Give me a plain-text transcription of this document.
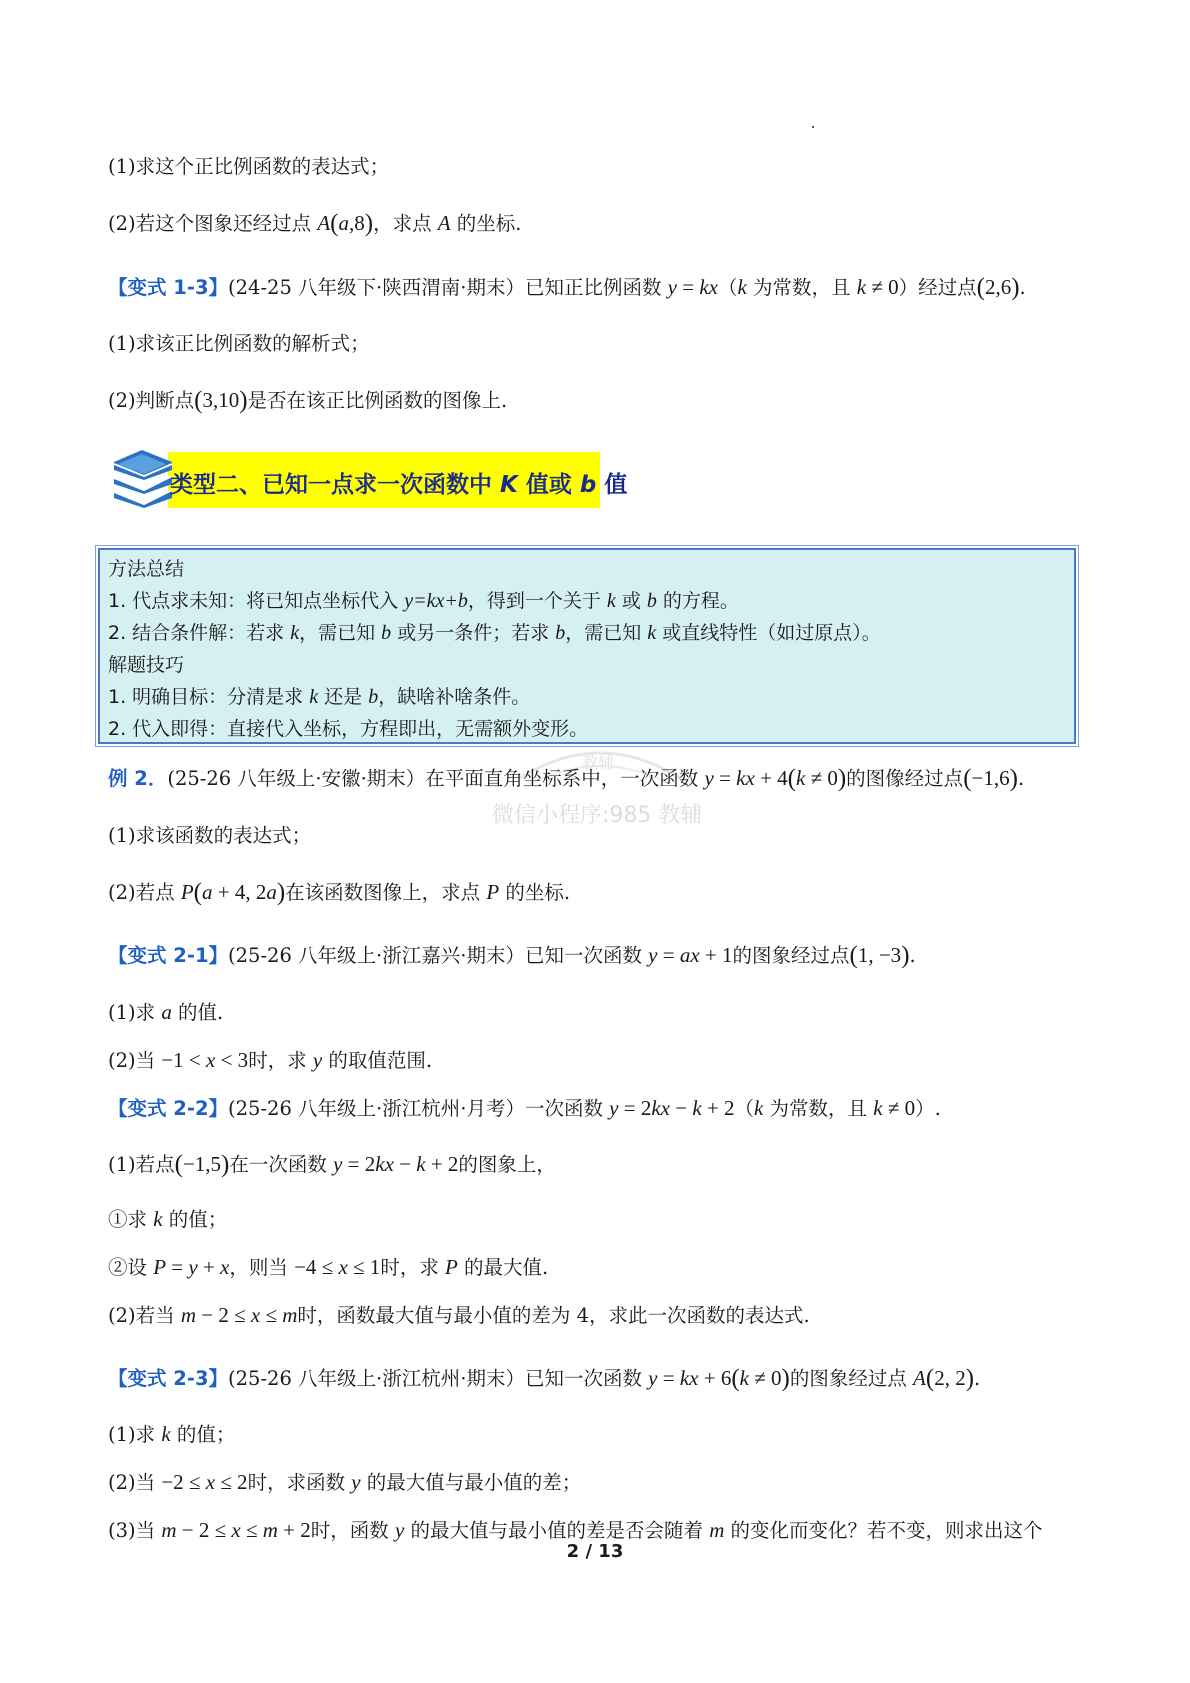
(1)求这个正比例函数的表达式；
(2)若这个图象还经过点 A(a,8)，求点 A 的坐标.
【变式 1-3】(24-25 八年级下·陕西渭南·期末）已知正比例函数 y = kx（k 为常数，且 k ≠ 0）经过点(2,6).
(1)求该正比例函数的解析式；
(2)判断点(3,10)是否在该正比例函数的图像上.
类型二、已知一点求一次函数中 K 值或 b 值
方法总结
1. 代点求未知：将已知点坐标代入 y=kx+b，得到一个关于 k 或 b 的方程。
2. 结合条件解：若求 k，需已知 b 或另一条件；若求 b，需已知 k 或直线特性（如过原点）。
解题技巧
1. 明确目标：分清是求 k 还是 b，缺啥补啥条件。
2. 代入即得：直接代入坐标，方程即出，无需额外变形。
教辅
微信小程序:985 教辅
例 2．(25-26 八年级上·安徽·期末）在平面直角坐标系中，一次函数 y = kx + 4(k ≠ 0)的图像经过点(−1,6).
(1)求该函数的表达式；
(2)若点 P(a + 4, 2a)在该函数图像上，求点 P 的坐标.
【变式 2-1】(25-26 八年级上·浙江嘉兴·期末）已知一次函数 y = ax + 1的图象经过点(1, −3).
(1)求 a 的值.
(2)当 −1 < x < 3时，求 y 的取值范围.
【变式 2-2】(25-26 八年级上·浙江杭州·月考）一次函数 y = 2kx − k + 2（k 为常数，且 k ≠ 0）.
(1)若点(−1,5)在一次函数 y = 2kx − k + 2的图象上，
①求 k 的值；
②设 P = y + x，则当 −4 ≤ x ≤ 1时，求 P 的最大值.
(2)若当 m − 2 ≤ x ≤ m时，函数最大值与最小值的差为 4，求此一次函数的表达式.
【变式 2-3】(25-26 八年级上·浙江杭州·期末）已知一次函数 y = kx + 6(k ≠ 0)的图象经过点 A(2, 2).
(1)求 k 的值；
(2)当 −2 ≤ x ≤ 2时，求函数 y 的最大值与最小值的差；
(3)当 m − 2 ≤ x ≤ m + 2时，函数 y 的最大值与最小值的差是否会随着 m 的变化而变化？若不变，则求出这个
2 / 13
